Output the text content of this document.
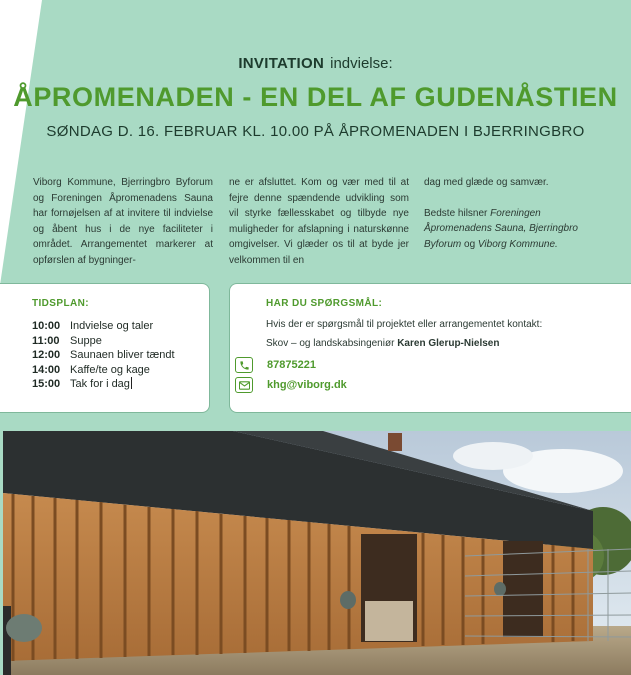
INVITATION indvielse:
ÅPROMENADEN - EN DEL AF GUDENÅSTIEN
SØNDAG D. 16. FEBRUAR KL. 10.00 PÅ ÅPROMENADEN I BJERRINGBRO
Viborg Kommune, Bjerringbro Byforum og Foreningen Åpromenadens Sauna har fornøjelsen af at invitere til indvielse og åbent hus i de nye faciliteter i området. Arrangementet markerer at opførslen af bygninger-
ne er afsluttet. Kom og vær med til at fejre denne spændende udvikling som vil styrke fællesskabet og tilbyde nye muligheder for afslapning i naturskønne omgivelser. Vi glæder os til at byde jer velkommen til en
dag med glæde og samvær.
Bedste hilsner Foreningen Åpromenadens Sauna, Bjerringbro Byforum og Viborg Kommune.
TIDSPLAN:
10:00 Indvielse og taler
11:00 Suppe
12:00 Saunaen bliver tændt
14:00 Kaffe/te og kage
15:00 Tak for i dag
HAR DU SPØRGSMÅL:
Hvis der er spørgsmål til projektet eller arrangementet kontakt:
Skov – og landskabsingeniør Karen Glerup-Nielsen
87875221
khg@viborg.dk
